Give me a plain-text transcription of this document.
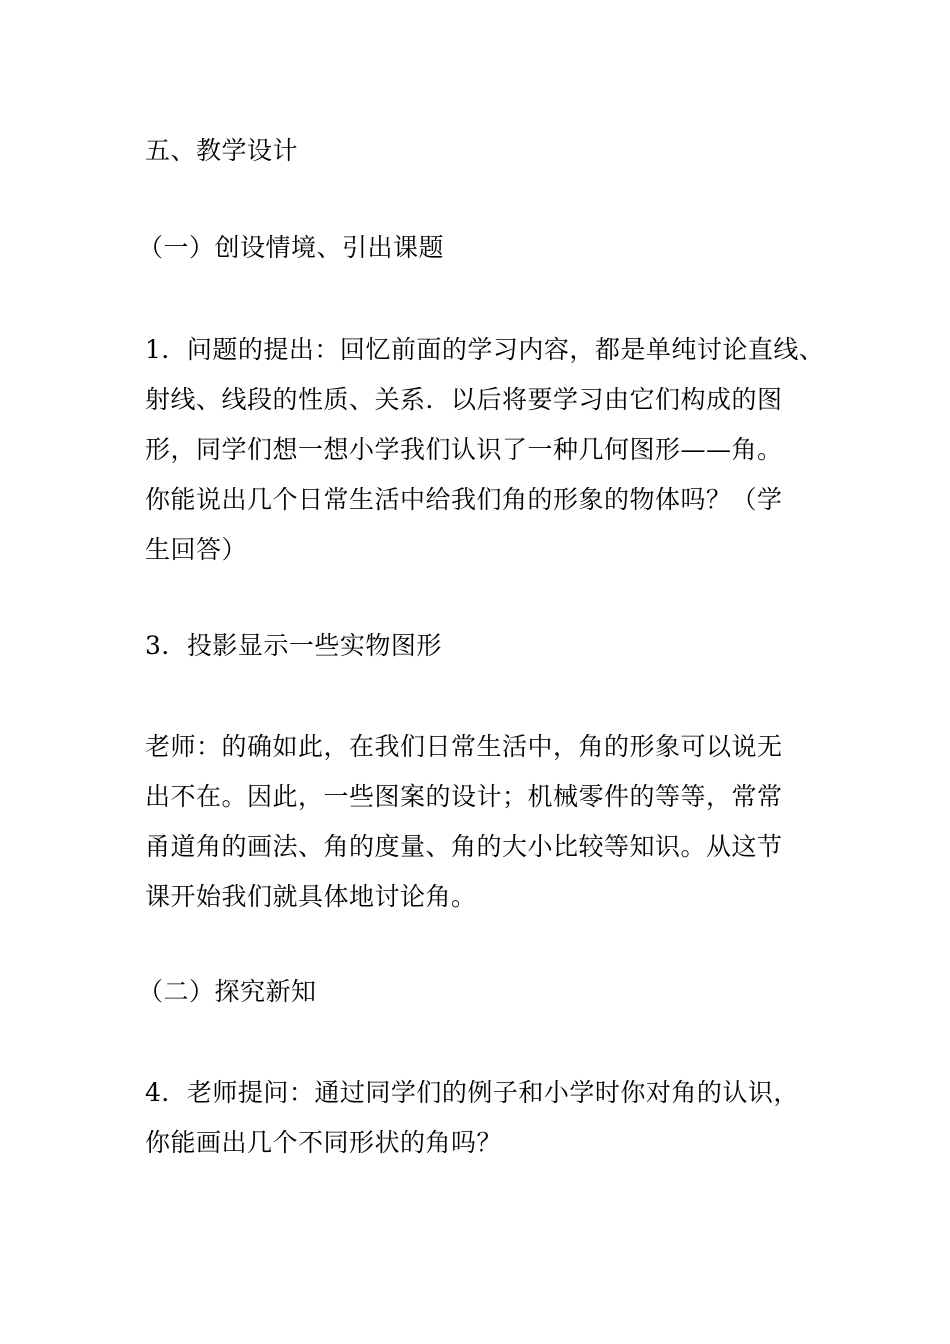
五、教学设计
（一）创设情境、引出课题
1．问题的提出：回忆前面的学习内容，都是单纯讨论直线、
射线、线段的性质、关系．以后将要学习由它们构成的图
形，同学们想一想小学我们认识了一种几何图形——角。
你能说出几个日常生活中给我们角的形象的物体吗？（学
生回答）
3．投影显示一些实物图形
老师：的确如此，在我们日常生活中，角的形象可以说无
出不在。因此，一些图案的设计；机械零件的等等，常常
甬道角的画法、角的度量、角的大小比较等知识。从这节
课开始我们就具体地讨论角。
（二）探究新知
4．老师提问：通过同学们的例子和小学时你对角的认识，
你能画出几个不同形状的角吗？
